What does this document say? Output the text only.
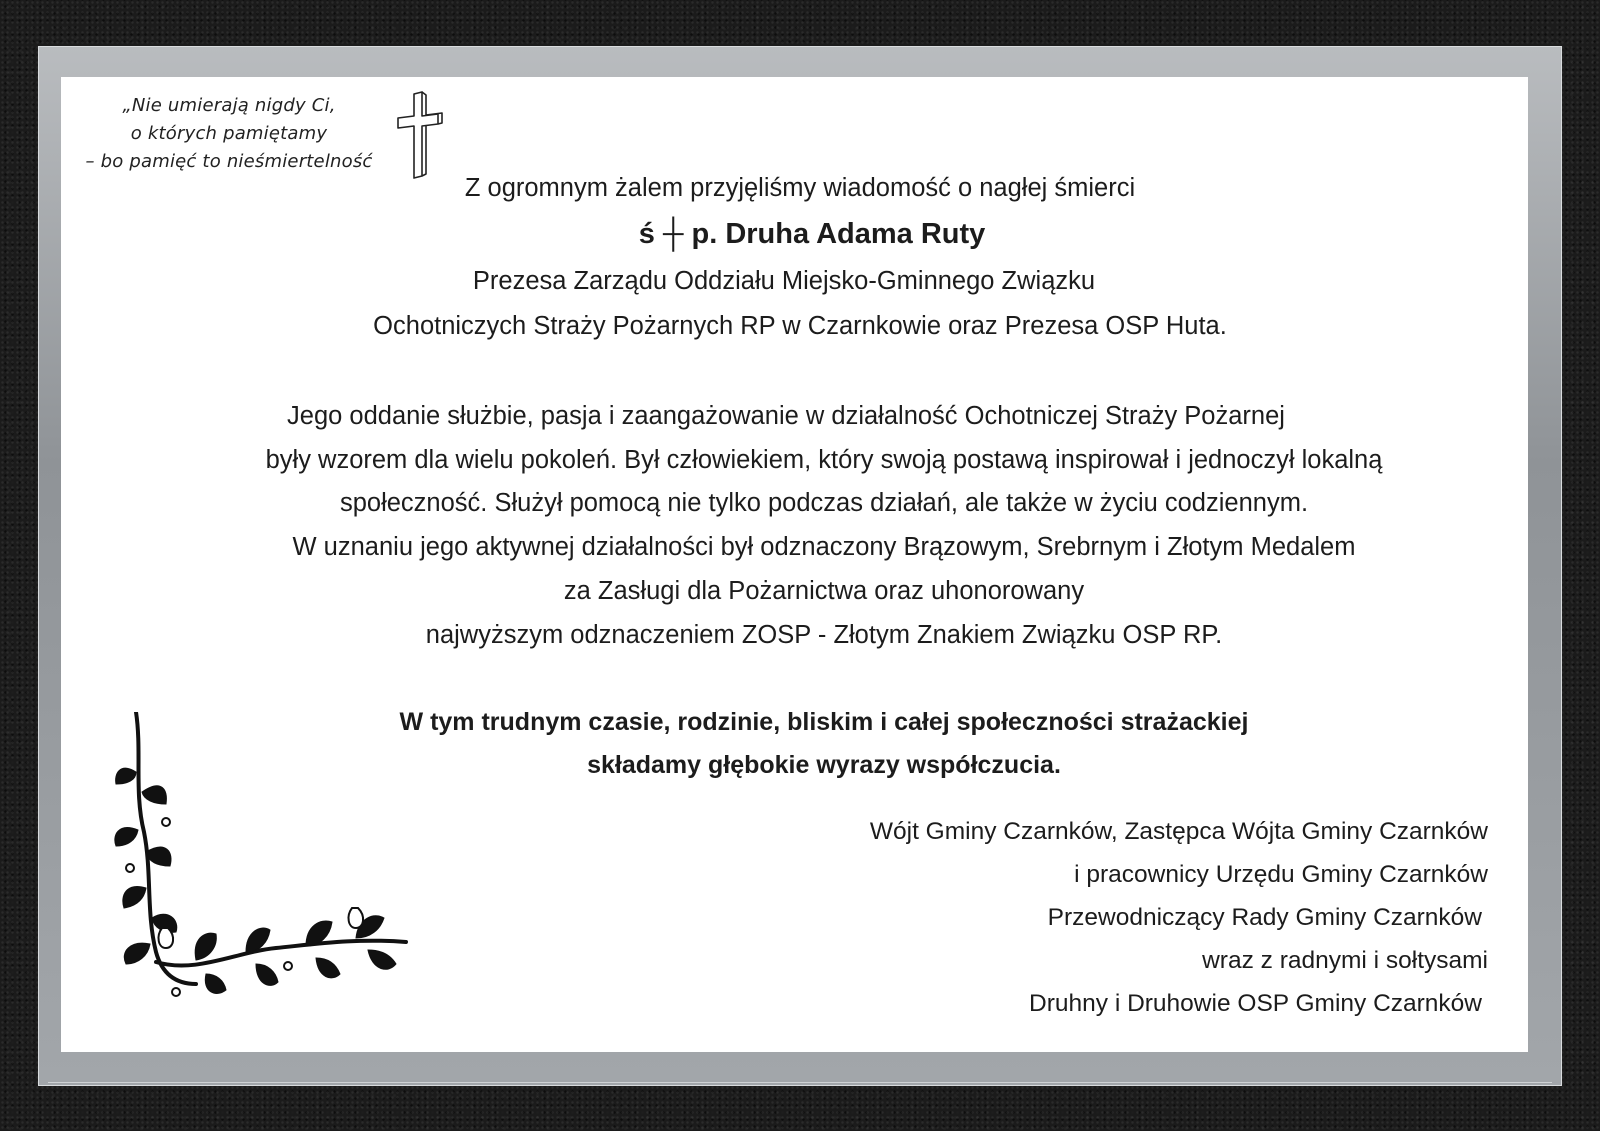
„Nie umierają nigdy Ci,
o których pamiętamy
– bo pamięć to nieśmiertelność
Z ogromnym żalem przyjęliśmy wiadomość o nagłej śmierci
ś ┼ p. Druha Adama Ruty
Prezesa Zarządu Oddziału Miejsko-Gminnego Związku
Ochotniczych Straży Pożarnych RP w Czarnkowie oraz Prezesa OSP Huta.
Jego oddanie służbie, pasja i zaangażowanie w działalność Ochotniczej Straży Pożarnej
były wzorem dla wielu pokoleń. Był człowiekiem, który swoją postawą inspirował i jednoczył lokalną
społeczność. Służył pomocą nie tylko podczas działań, ale także w życiu codziennym.
W uznaniu jego aktywnej działalności był odznaczony Brązowym, Srebrnym i Złotym Medalem
za Zasługi dla Pożarnictwa oraz uhonorowany
najwyższym odznaczeniem ZOSP - Złotym Znakiem Związku OSP RP.
W tym trudnym czasie, rodzinie, bliskim i całej społeczności strażackiej
składamy głębokie wyrazy współczucia.
Wójt Gminy Czarnków, Zastępca Wójta Gminy Czarnków
i pracownicy Urzędu Gminy Czarnków
Przewodniczący Rady Gminy Czarnków
wraz z radnymi i sołtysami
Druhny i Druhowie OSP Gminy Czarnków
